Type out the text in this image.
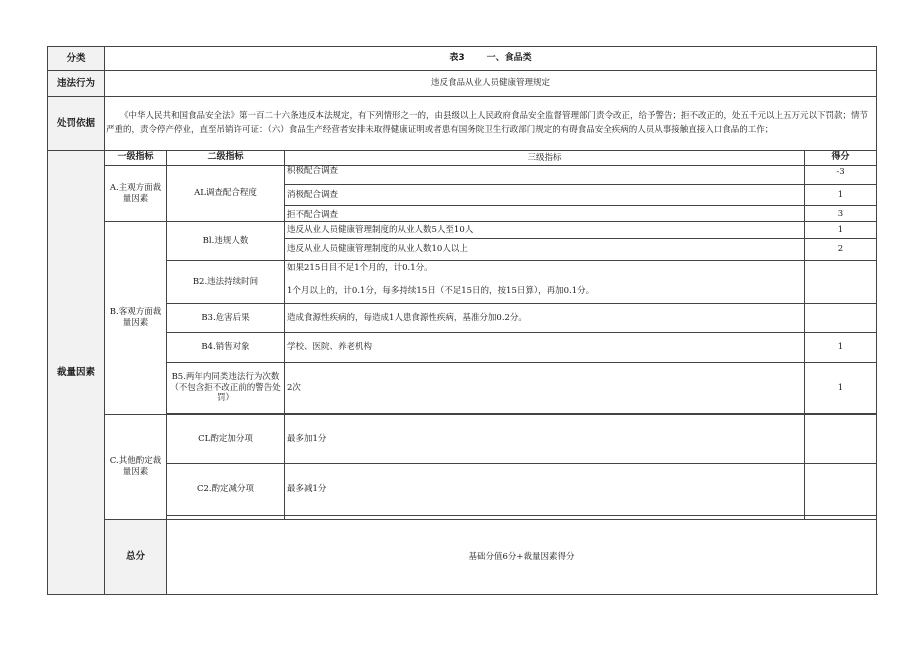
分类	表3 一、食品类			
违法行为	违反食品从业人员健康管理规定			
处罚依据	《中华人民共和国食品安全法》第一百二十六条违反本法规定，有下列情形之一的，由县级以上人民政府食品安全监督管理部门责令改正，给予警告；拒不改正的，处五千元以上五万元以下罚款；情节严重的，责令停产停业，直至吊销许可证：（六）食品生产经营者安排未取得健康证明或者患有国务院卫生行政部门规定的有碍食品安全疾病的人员从事接触直接入口食品的工作；			
裁量因素	一级指标	二级指标	三级指标	得分
	A.主观方面裁量因素	AL调查配合程度	积极配合调查	-3
			消极配合调查	1
			拒不配合调查	3
	B.客观方面裁量因素	Bl.违规人数	违反从业人员健康管理制度的从业人数5人至10人	1
			违反从业人员健康管理制度的从业人数10人以上	2
		B2.违法持续时间	如果215日目不足1个月的，计0.1分。
1个月以上的，计0.1分，每多持续15日（不足15日的，按15日算），再加0.1分。	

		B3.危害后果	造成食源性疾病的，每造成1人患食源性疾病，基准分加0.2分。	
		B4.销售对象	学校、医院、养老机构	1
		B5.两年内同类违法行为次数（不包含拒不改正前的警告处罚）	2次	1

	C.其他酌定裁量因素	CL酌定加分项	最多加1分	
		C2.酌定减分项	最多减1分	

	总分	基础分值6分+裁量因素得分		
